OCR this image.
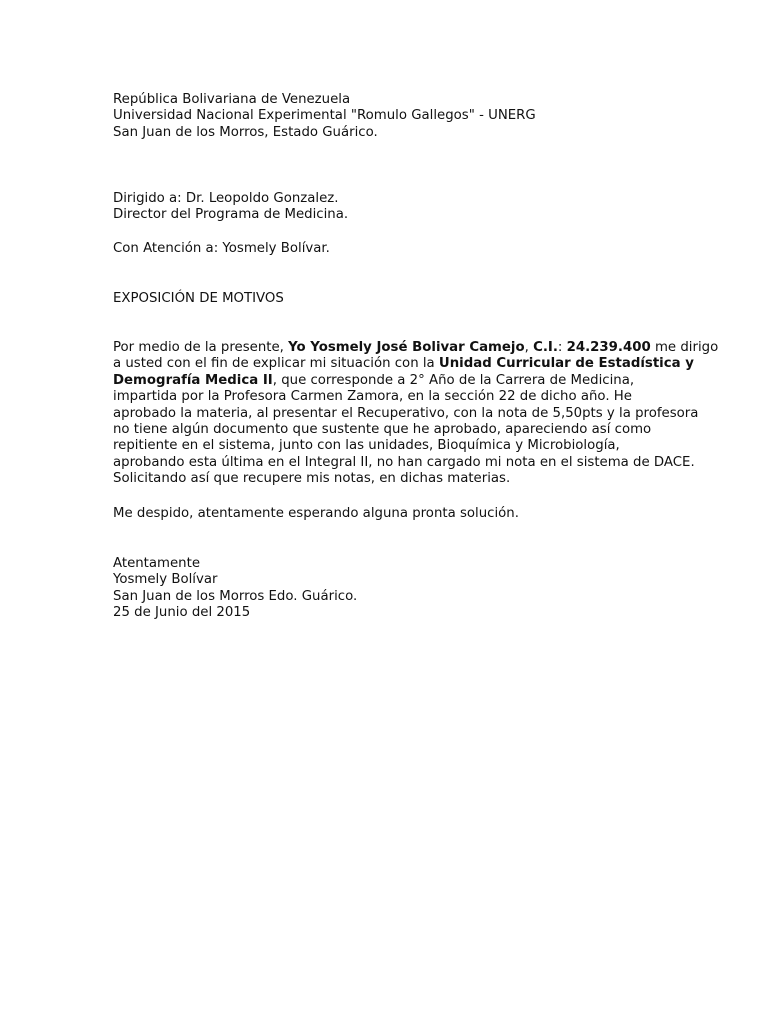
República Bolivariana de Venezuela
Universidad Nacional Experimental "Romulo Gallegos" - UNERG
San Juan de los Morros, Estado Guárico.
Dirigido a: Dr. Leopoldo Gonzalez.
Director del Programa de Medicina.
Con Atención a: Yosmely Bolívar.
EXPOSICIÓN DE MOTIVOS
Por medio de la presente, Yo Yosmely José Bolivar Camejo, C.I.: 24.239.400 me dirigo
a usted con el fin de explicar mi situación con la Unidad Curricular de Estadística y
Demografía Medica II, que corresponde a 2° Año de la Carrera de Medicina,
impartida por la Profesora Carmen Zamora, en la sección 22 de dicho año. He
aprobado la materia, al presentar el Recuperativo, con la nota de 5,50pts y la profesora
no tiene algún documento que sustente que he aprobado, apareciendo así como
repitiente en el sistema, junto con las unidades, Bioquímica y Microbiología,
aprobando esta última en el Integral II, no han cargado mi nota en el sistema de DACE.
Solicitando así que recupere mis notas, en dichas materias.
Me despido, atentamente esperando alguna pronta solución.
Atentamente
Yosmely Bolívar
San Juan de los Morros Edo. Guárico.
25 de Junio del 2015
